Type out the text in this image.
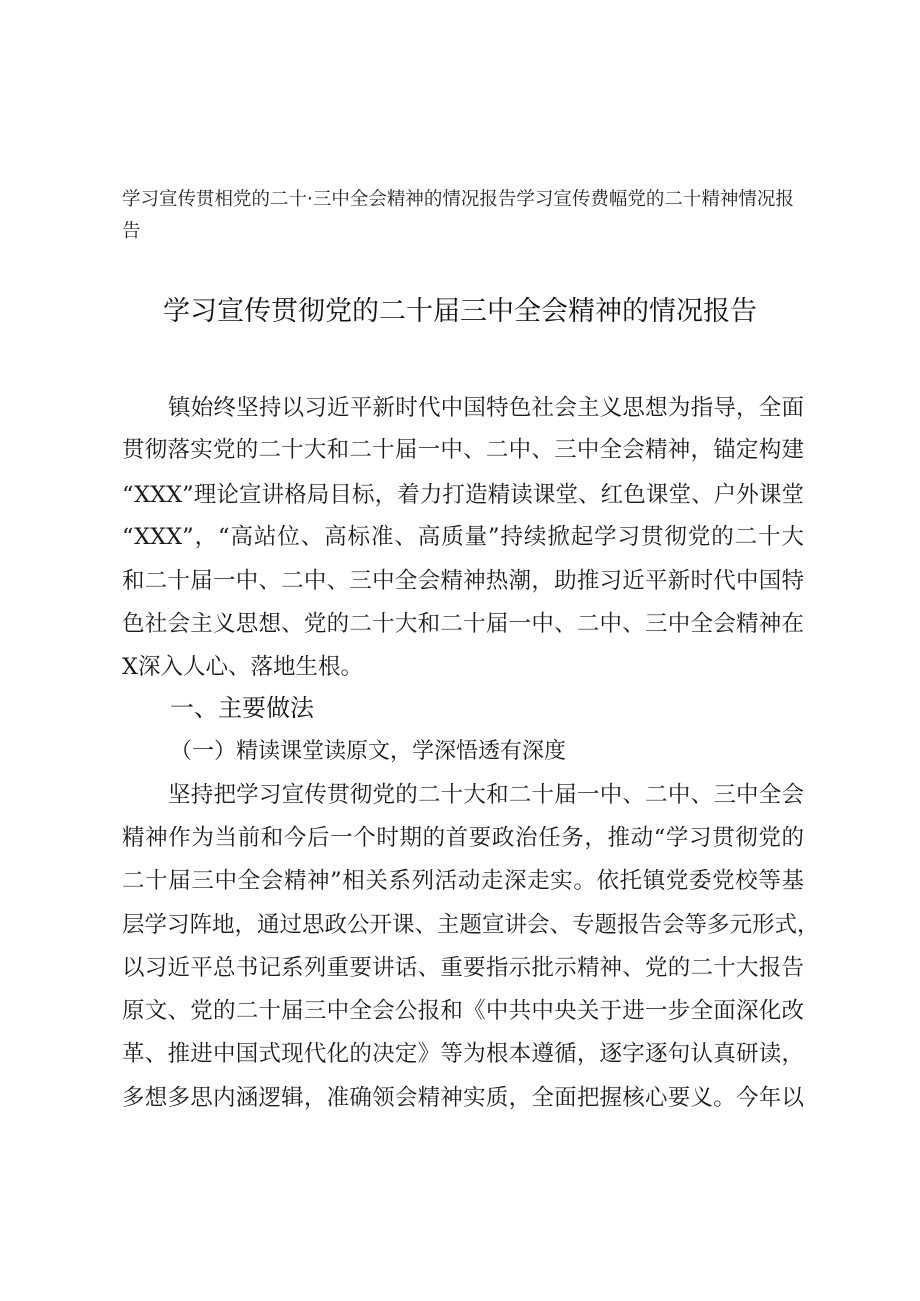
学习宣传贯相党的二十·三中全会精神的情况报告学习宣传费幅党的二十精神情况报
告
学习宣传贯彻党的二十届三中全会精神的情况报告
镇始终坚持以习近平新时代中国特色社会主义思想为指导，全面
贯彻落实党的二十大和二十届一中、二中、三中全会精神，锚定构建
“XXX”理论宣讲格局目标，着力打造精读课堂、红色课堂、户外课堂
“XXX”，“高站位、高标准、高质量”持续掀起学习贯彻党的二十大
和二十届一中、二中、三中全会精神热潮，助推习近平新时代中国特
色社会主义思想、党的二十大和二十届一中、二中、三中全会精神在
X深入人心、落地生根。
一、主要做法
（一）精读课堂读原文，学深悟透有深度
坚持把学习宣传贯彻党的二十大和二十届一中、二中、三中全会
精神作为当前和今后一个时期的首要政治任务，推动“学习贯彻党的
二十届三中全会精神”相关系列活动走深走实。依托镇党委党校等基
层学习阵地，通过思政公开课、主题宣讲会、专题报告会等多元形式，
以习近平总书记系列重要讲话、重要指示批示精神、党的二十大报告
原文、党的二十届三中全会公报和《中共中央关于进一步全面深化改
革、推进中国式现代化的决定》等为根本遵循，逐字逐句认真研读，
多想多思内涵逻辑，准确领会精神实质，全面把握核心要义。今年以
